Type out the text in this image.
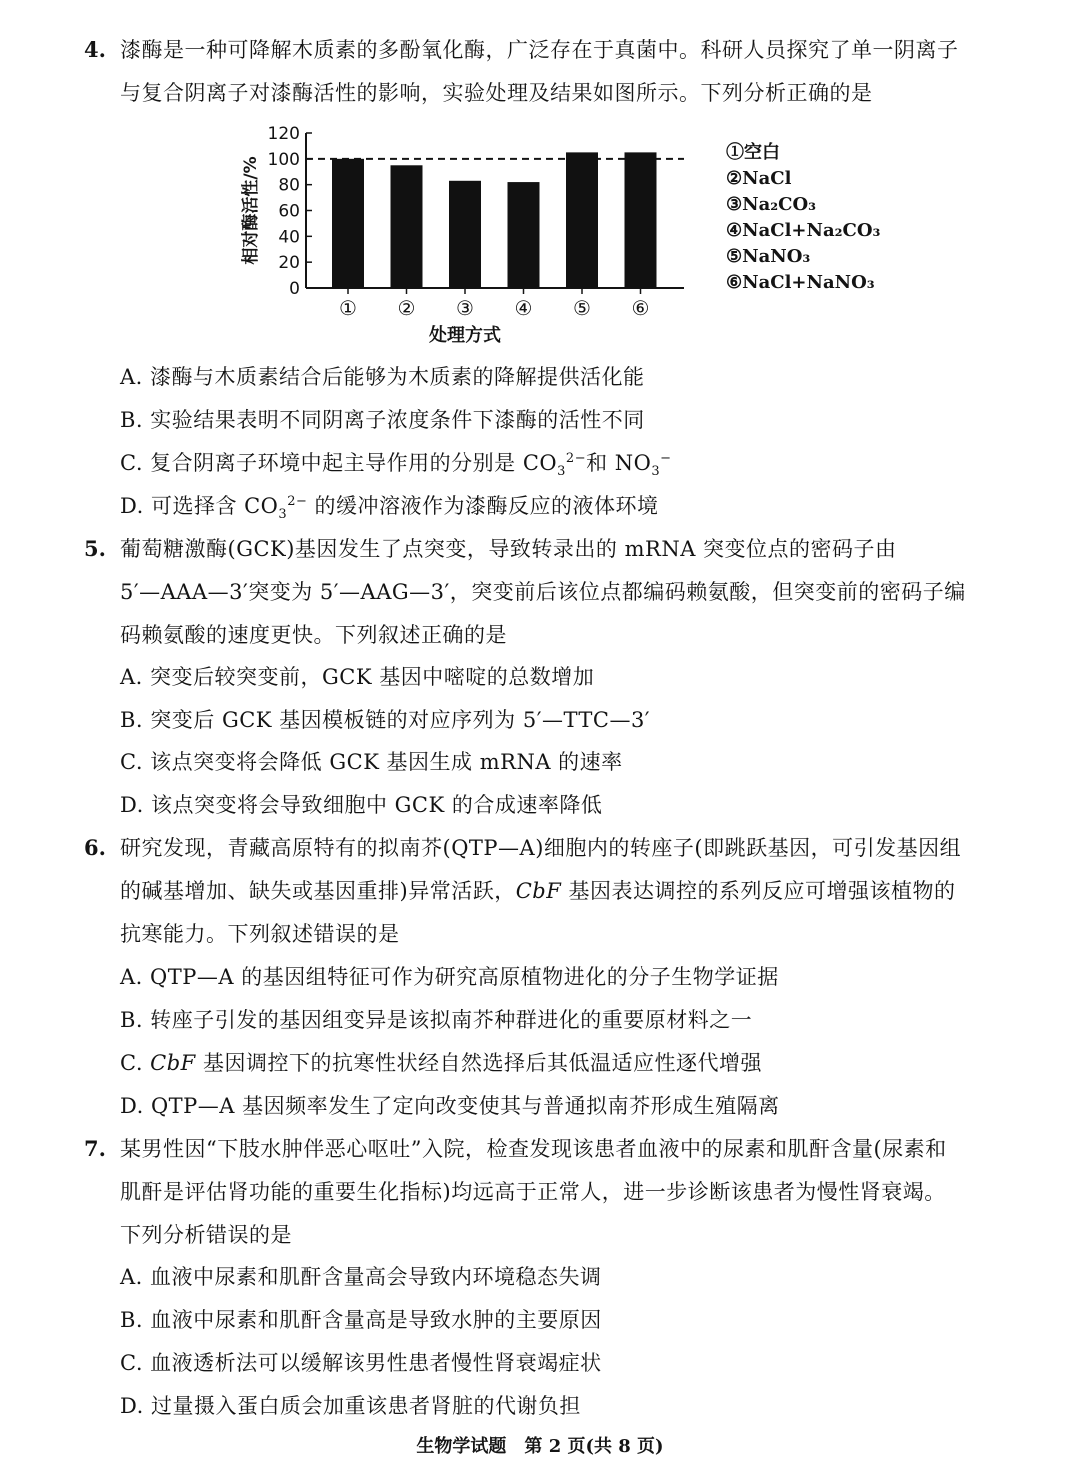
4. 漆酶是一种可降解木质素的多酚氧化酶，广泛存在于真菌中。科研人员探究了单一阴离子
与复合阴离子对漆酶活性的影响，实验处理及结果如图所示。下列分析正确的是
0
20
40
60
80
100
120
① ② ③ ④ ⑤ ⑥
相对酶活性/%
处理方式
①空白
②NaCl
③Na₂CO₃
④NaCl+Na₂CO₃
⑤NaNO₃
⑥NaCl+NaNO₃
A. 漆酶与木质素结合后能够为木质素的降解提供活化能
B. 实验结果表明不同阴离子浓度条件下漆酶的活性不同
C. 复合阴离子环境中起主导作用的分别是 $CO_3^{2-}$和 $NO_3^-$
D. 可选择含 $CO_3^{2-}$ 的缓冲溶液作为漆酶反应的液体环境
5. 葡萄糖激酶(GCK)基因发生了点突变，导致转录出的 mRNA 突变位点的密码子由
5′—AAA—3′突变为 5′—AAG—3′，突变前后该位点都编码赖氨酸，但突变前的密码子编
码赖氨酸的速度更快。下列叙述正确的是
A. 突变后较突变前，GCK 基因中嘧啶的总数增加
B. 突变后 GCK 基因模板链的对应序列为 5′—TTC—3′
C. 该点突变将会降低 GCK 基因生成 mRNA 的速率
D. 该点突变将会导致细胞中 GCK 的合成速率降低
6. 研究发现，青藏高原特有的拟南芥(QTP—A)细胞内的转座子(即跳跃基因，可引发基因组
的碱基增加、缺失或基因重排)异常活跃，CbF 基因表达调控的系列反应可增强该植物的
抗寒能力。下列叙述错误的是
A. QTP—A 的基因组特征可作为研究高原植物进化的分子生物学证据
B. 转座子引发的基因组变异是该拟南芥种群进化的重要原材料之一
C. CbF 基因调控下的抗寒性状经自然选择后其低温适应性逐代增强
D. QTP—A 基因频率发生了定向改变使其与普通拟南芥形成生殖隔离
7. 某男性因“下肢水肿伴恶心呕吐”入院，检查发现该患者血液中的尿素和肌酐含量(尿素和
肌酐是评估肾功能的重要生化指标)均远高于正常人，进一步诊断该患者为慢性肾衰竭。
下列分析错误的是
A. 血液中尿素和肌酐含量高会导致内环境稳态失调
B. 血液中尿素和肌酐含量高是导致水肿的主要原因
C. 血液透析法可以缓解该男性患者慢性肾衰竭症状
D. 过量摄入蛋白质会加重该患者肾脏的代谢负担
生物学试题　第 2 页(共 8 页)
